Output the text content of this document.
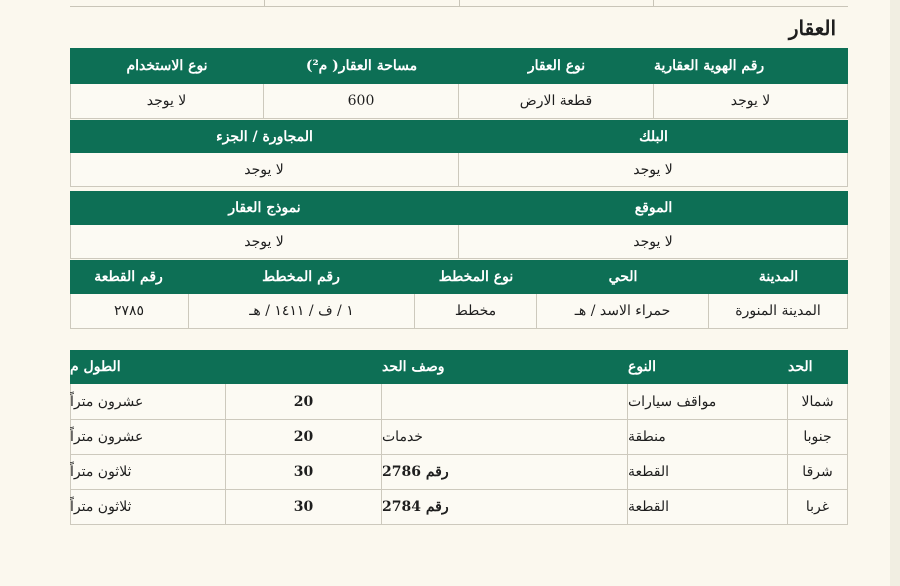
العقار
رقم الهوية العقارية
نوع العقار
مساحة العقار( م²)
نوع الاستخدام
لا يوجد
قطعة الارض
600
لا يوجد
البلك
المجاورة / الجزء
لا يوجد
لا يوجد
الموقع
نموذج العقار
لا يوجد
لا يوجد
المدينة
الحي
نوع المخطط
رقم المخطط
رقم القطعة
المدينة المنورة
حمراء الاسد / هـ
مخطط
١ / ف / ١٤١١ / هـ
٢٧٨٥
الحد
النوع
وصف الحد
الطول م
شمالا
مواقف سيارات
20
عشرون متراً
جنوبا
منطقة
خدمات
20
عشرون متراً
شرقا
القطعة
رقم 2786
30
ثلاثون متراً
غربا
القطعة
رقم 2784
30
ثلاثون متراً
